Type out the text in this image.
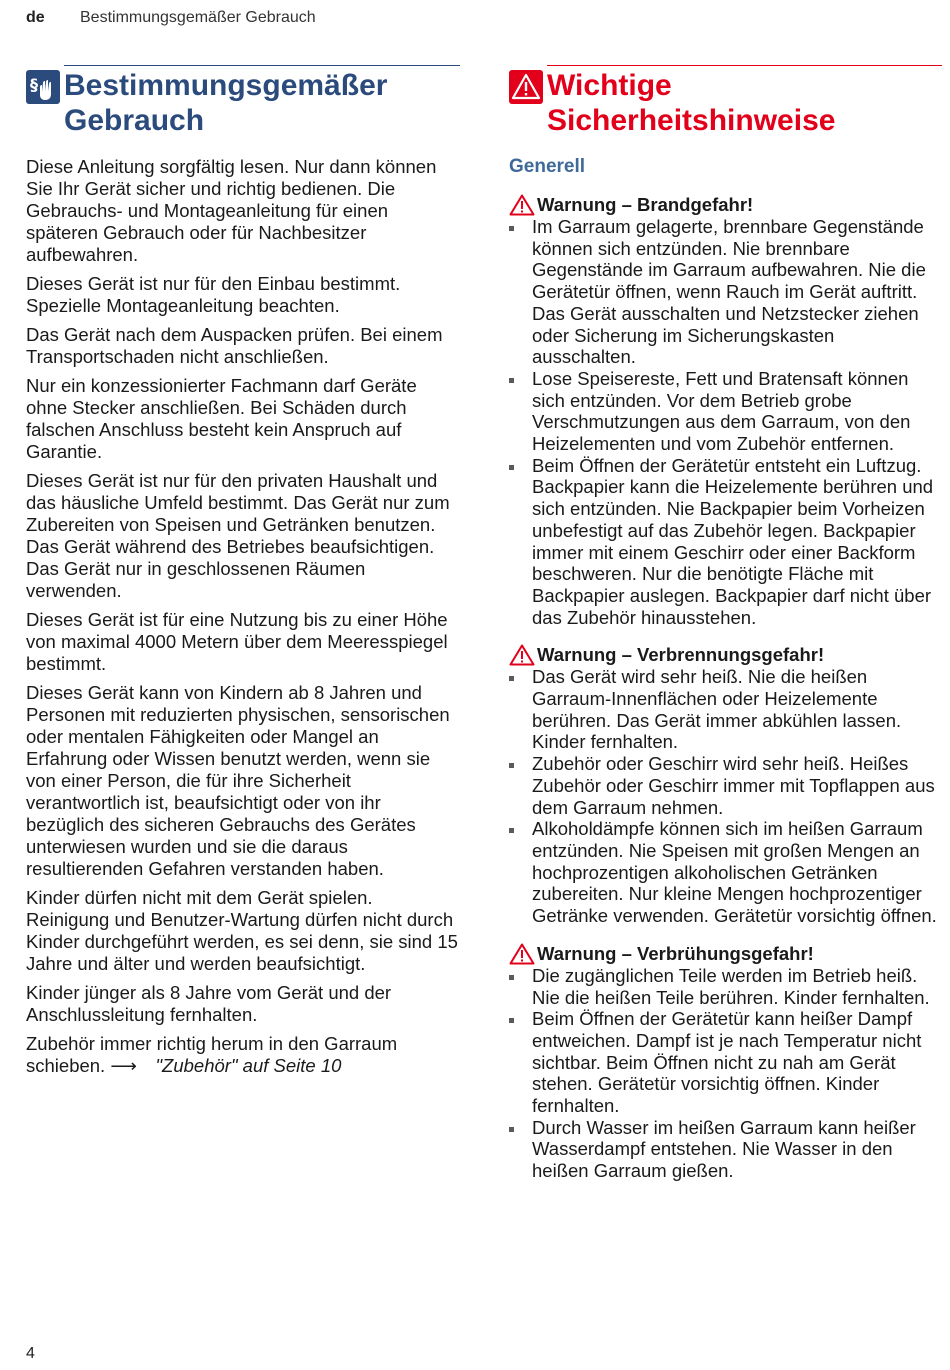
de Bestimmungsgemäßer Gebrauch
§ Bestimmungsgemäßer
Gebrauch

Diese Anleitung sorgfältig lesen. Nur dann können Sie Ihr Gerät sicher und richtig bedienen. Die Gebrauchs- und Montageanleitung für einen späteren Gebrauch oder für Nachbesitzer aufbewahren.

Dieses Gerät ist nur für den Einbau bestimmt. Spezielle Montageanleitung beachten.

Das Gerät nach dem Auspacken prüfen. Bei einem Transportschaden nicht anschließen.

Nur ein konzessionierter Fachmann darf Geräte ohne Stecker anschließen. Bei Schäden durch falschen Anschluss besteht kein Anspruch auf Garantie.

Dieses Gerät ist nur für den privaten Haushalt und das häusliche Umfeld bestimmt. Das Gerät nur zum Zubereiten von Speisen und Getränken benutzen. Das Gerät während des Betriebes beaufsichtigen. Das Gerät nur in geschlossenen Räumen verwenden.

Dieses Gerät ist für eine Nutzung bis zu einer Höhe von maximal 4000 Metern über dem Meeresspiegel bestimmt.

Dieses Gerät kann von Kindern ab 8 Jahren und Personen mit reduzierten physischen, sensorischen oder mentalen Fähigkeiten oder Mangel an Erfahrung oder Wissen benutzt werden, wenn sie von einer Person, die für ihre Sicherheit verantwortlich ist, beaufsichtigt oder von ihr bezüglich des sicheren Gebrauchs des Gerätes unterwiesen wurden und sie die daraus resultierenden Gefahren verstanden haben.

Kinder dürfen nicht mit dem Gerät spielen. Reinigung und Benutzer-Wartung dürfen nicht durch Kinder durchgeführt werden, es sei denn, sie sind 15 Jahre und älter und werden beaufsichtigt.

Kinder jünger als 8 Jahre vom Gerät und der Anschlussleitung fernhalten.

Zubehör immer richtig herum in den Garraum schieben. ⟶ "Zubehör" auf Seite 10

Wichtige
Sicherheitshinweise
Generell
Warnung – Brandgefahr!
Im Garraum gelagerte, brennbare Gegenstände können sich entzünden. Nie brennbare Gegenstände im Garraum aufbewahren. Nie die Gerätetür öffnen, wenn Rauch im Gerät auftritt. Das Gerät ausschalten und Netzstecker ziehen oder Sicherung im Sicherungskasten ausschalten.
Lose Speisereste, Fett und Bratensaft können sich entzünden. Vor dem Betrieb grobe Verschmutzungen aus dem Garraum, von den Heizelementen und vom Zubehör entfernen.
Beim Öffnen der Gerätetür entsteht ein Luftzug. Backpapier kann die Heizelemente berühren und sich entzünden. Nie Backpapier beim Vorheizen unbefestigt auf das Zubehör legen. Backpapier immer mit einem Geschirr oder einer Backform beschweren. Nur die benötigte Fläche mit Backpapier auslegen. Backpapier darf nicht über das Zubehör hinausstehen.
Warnung – Verbrennungsgefahr!
Das Gerät wird sehr heiß. Nie die heißen Garraum-Innenflächen oder Heizelemente berühren. Das Gerät immer abkühlen lassen. Kinder fernhalten.
Zubehör oder Geschirr wird sehr heiß. Heißes Zubehör oder Geschirr immer mit Topflappen aus dem Garraum nehmen.
Alkoholdämpfe können sich im heißen Garraum entzünden. Nie Speisen mit großen Mengen an hochprozentigen alkoholischen Getränken zubereiten. Nur kleine Mengen hochprozentiger Getränke verwenden. Gerätetür vorsichtig öffnen.
Warnung – Verbrühungsgefahr!
Die zugänglichen Teile werden im Betrieb heiß. Nie die heißen Teile berühren. Kinder fernhalten.
Beim Öffnen der Gerätetür kann heißer Dampf entweichen. Dampf ist je nach Temperatur nicht sichtbar. Beim Öffnen nicht zu nah am Gerät stehen. Gerätetür vorsichtig öffnen. Kinder fernhalten.
Durch Wasser im heißen Garraum kann heißer Wasserdampf entstehen. Nie Wasser in den heißen Garraum gießen.
4
